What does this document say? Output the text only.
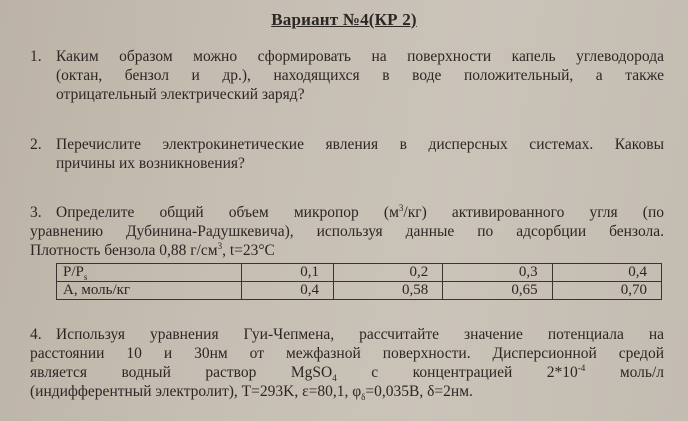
Вариант №4(КР 2)
1. Каким образом можно сформировать на поверхности капель углеводорода
(октан, бензол и др.), находящихся в воде положительный, а также
отрицательный электрический заряд?
2. Перечислите электрокинетические явления в дисперсных системах. Каковы
причины их возникновения?
3. Определите общий объем микропор $(м^3/кг)$ активированного угля (по
уравнению Дубинина-Радушкевича), используя данные по адсорбции бензола.
Плотность бензола 0,88 $г/см^3$, t=23°С
$Р/Р_s$	0,1	0,2	0,3	0,4
А, моль/кг	0,4	0,58	0,65	0,70
4. Используя уравнения Гуи-Чепмена, рассчитайте значение потенциала на
расстоянии 10 и 30нм от межфазной поверхности. Дисперсионной средой
является водный раствор MgSO$_4$ с концентрацией $2*10^{-4}$ моль/л
(индифферентный электролит), T=293K, ε=80,1, $\varphi_\delta=0,035В$, δ=2нм.
